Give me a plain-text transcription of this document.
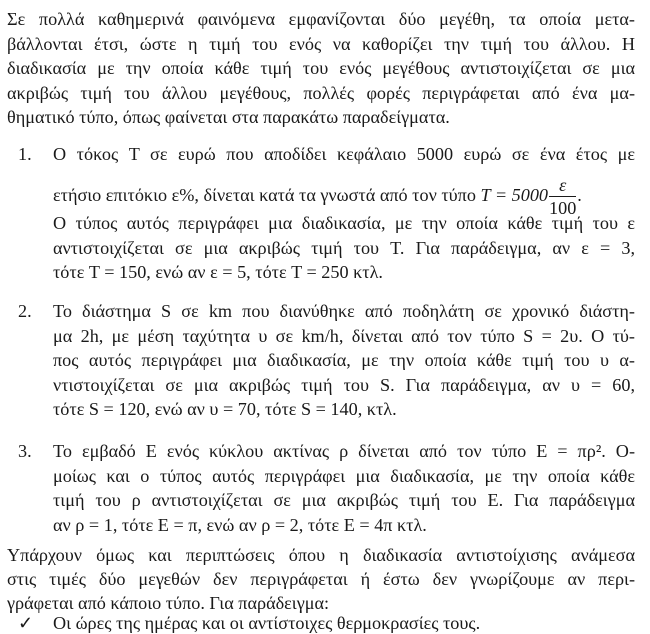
Σε πολλά καθημερινά φαινόμενα εμφανίζονται δύο μεγέθη, τα οποία μετα-
βάλλονται έτσι, ώστε η τιμή του ενός να καθορίζει την τιμή του άλλου. Η
διαδικασία με την οποία κάθε τιμή του ενός μεγέθους αντιστοιχίζεται σε μια
ακριβώς τιμή του άλλου μεγέθους, πολλές φορές περιγράφεται από ένα μα-
θηματικό τύπο, όπως φαίνεται στα παρακάτω παραδείγματα.
1. Ο τόκος T σε ευρώ που αποδίδει κεφάλαιο 5000 ευρώ σε ένα έτος με
ετήσιο επιτόκιο ε%, δίνεται κατά τα γνωστά από τον τύπο $T = 5000 \frac{\varepsilon}{100}$ .
Ο τύπος αυτός περιγράφει μια διαδικασία, με την οποία κάθε τιμή του ε
αντιστοιχίζεται σε μια ακριβώς τιμή του T. Για παράδειγμα, αν ε = 3,
τότε T = 150, ενώ αν ε = 5, τότε T = 250 κτλ.
2. Το διάστημα S σε km που διανύθηκε από ποδηλάτη σε χρονικό διάστη-
μα 2h, με μέση ταχύτητα υ σε km/h, δίνεται από τον τύπο S = 2υ. Ο τύ-
πος αυτός περιγράφει μια διαδικασία, με την οποία κάθε τιμή του υ α-
ντιστοιχίζεται σε μια ακριβώς τιμή του S. Για παράδειγμα, αν υ = 60,
τότε S = 120, ενώ αν υ = 70, τότε S = 140, κτλ.
3. Το εμβαδό E ενός κύκλου ακτίνας ρ δίνεται από τον τύπο E = πρ². Ο-
μοίως και ο τύπος αυτός περιγράφει μια διαδικασία, με την οποία κάθε
τιμή του ρ αντιστοιχίζεται σε μια ακριβώς τιμή του E. Για παράδειγμα
αν ρ = 1, τότε E = π, ενώ αν ρ = 2, τότε E = 4π κτλ.
Υπάρχουν όμως και περιπτώσεις όπου η διαδικασία αντιστοίχισης ανάμεσα
στις τιμές δύο μεγεθών δεν περιγράφεται ή έστω δεν γνωρίζουμε αν περι-
γράφεται από κάποιο τύπο. Για παράδειγμα:
✓ Οι ώρες της ημέρας και οι αντίστοιχες θερμοκρασίες τους.
